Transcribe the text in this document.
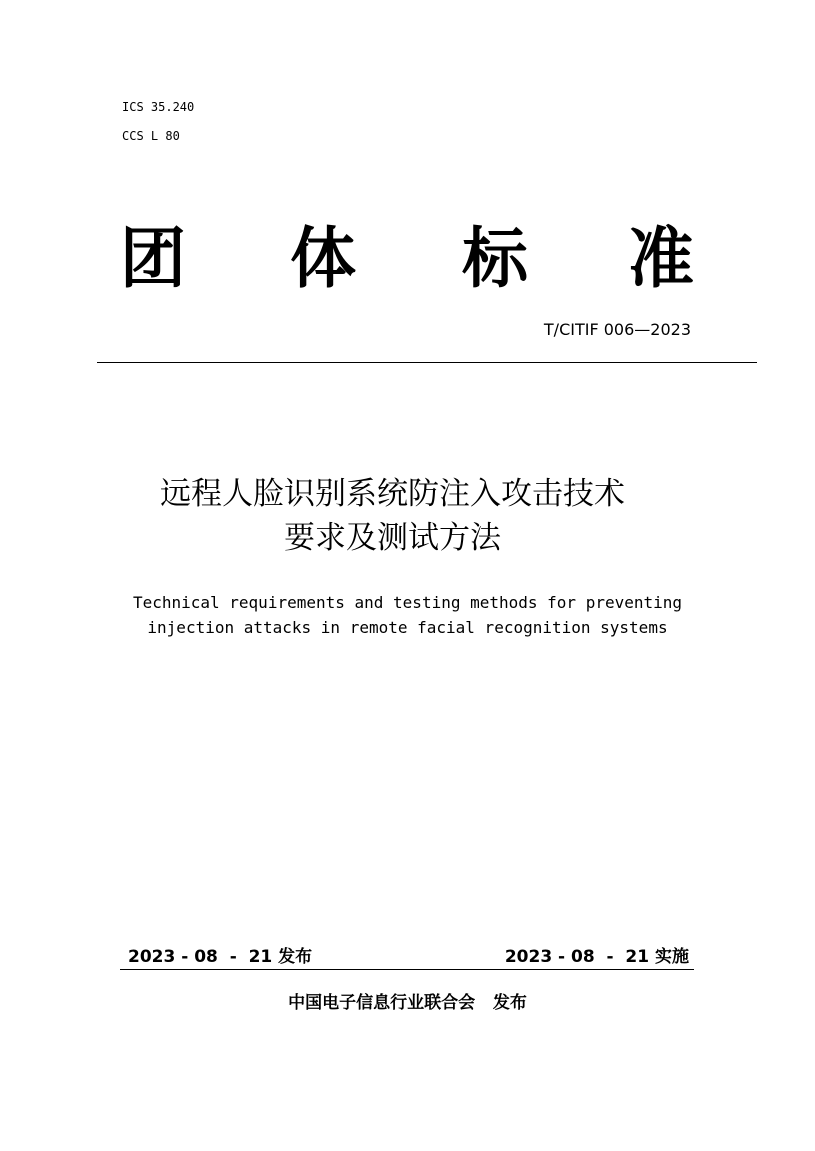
ICS 35.240
CCS L 80
团 体 标 准
T/CITIF 006—2023
远程人脸识别系统防注入攻击技术
要求及测试方法
Technical requirements and testing methods for preventing
injection attacks in remote facial recognition systems
2023 - 08  -  21 发布	2023 - 08  -  21 实施
中国电子信息行业联合会   发布
